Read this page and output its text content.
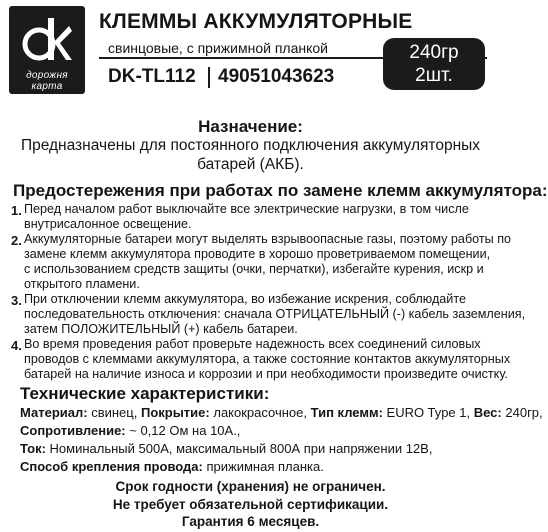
дорожня
карта
КЛЕММЫ АККУМУЛЯТОРНЫЕ
свинцовые, с прижимной планкой
DK-TL112 49051043623
240гр
2шт.
Назначение:
Предназначены для постоянного подключения аккумуляторных
батарей (АКБ).
Предостережения при работах по замене клемм аккумулятора:
1. Перед началом работ выключайте все электрические нагрузки, в том числе
внутрисалонное освещение.
2. Аккумуляторные батареи могут выделять взрывоопасные газы, поэтому работы по
замене клемм аккумулятора проводите в хорошо проветриваемом помещении,
с использованием средств защиты (очки, перчатки), избегайте курения, искр и
открытого пламени.
3. При отключении клемм аккумулятора, во избежание искрения, соблюдайте
последовательность отключения: сначала ОТРИЦАТЕЛЬНЫЙ (-) кабель заземления,
затем ПОЛОЖИТЕЛЬНЫЙ (+) кабель батареи.
4. Во время проведения работ проверьте надежность всех соединений силовых
проводов с клеммами аккумулятора, а также состояние контактов аккумуляторных
батарей на наличие износа и коррозии и при необходимости произведите очистку.
Технические характеристики:
Материал: свинец, Покрытие: лакокрасочное, Тип клемм: EURO Type 1, Вес: 240гр,
Сопротивление: ~ 0,12 Ом на 10А.,
Ток: Номинальный 500А, максимальный 800А при напряжении 12В,
Способ крепления провода: прижимная планка.
Срок годности (хранения) не ограничен.
Не требует обязательной сертификации.
Гарантия 6 месяцев.
